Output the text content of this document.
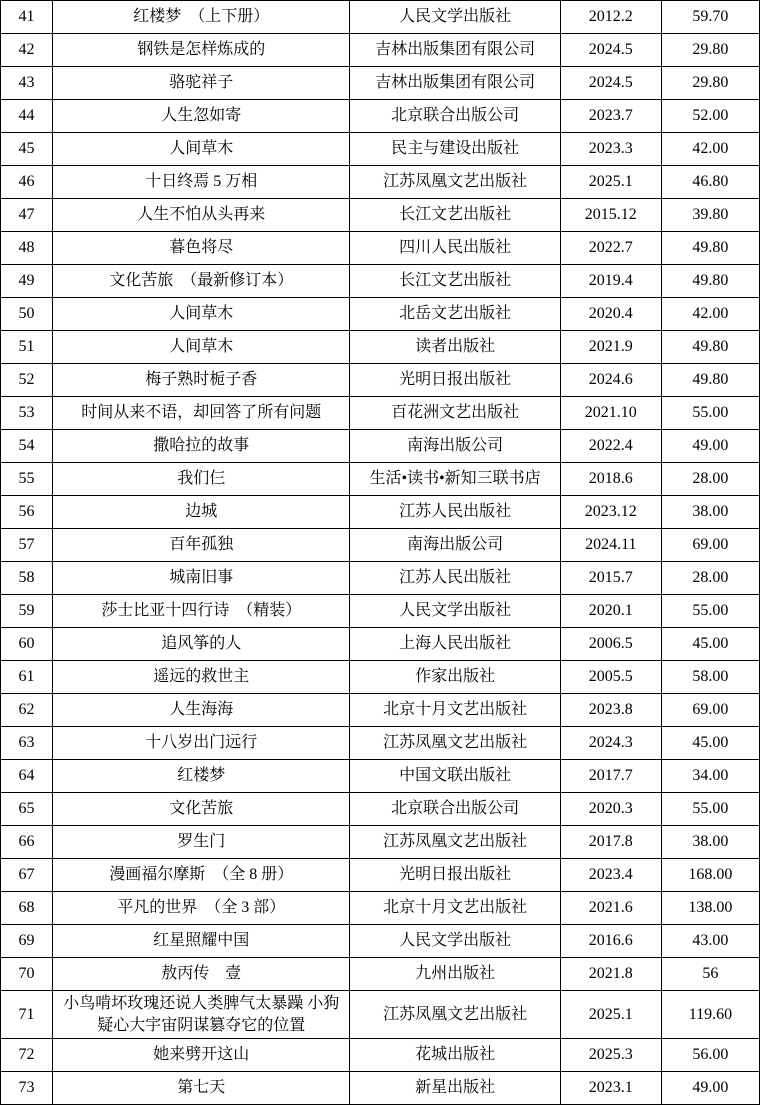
41	红楼梦　（上下册）	人民文学出版社	2012.2	59.70
42	钢铁是怎样炼成的	吉林出版集团有限公司	2024.5	29.80
43	骆驼祥子	吉林出版集团有限公司	2024.5	29.80
44	人生忽如寄	北京联合出版公司	2023.7	52.00
45	人间草木	民主与建设出版社	2023.3	42.00
46	十日终焉 5 万相	江苏凤凰文艺出版社	2025.1	46.80
47	人生不怕从头再来	长江文艺出版社	2015.12	39.80
48	暮色将尽	四川人民出版社	2022.7	49.80
49	文化苦旅　（最新修订本）	长江文艺出版社	2019.4	49.80
50	人间草木	北岳文艺出版社	2020.4	42.00
51	人间草木	读者出版社	2021.9	49.80
52	梅子熟时栀子香	光明日报出版社	2024.6	49.80
53	时间从来不语，却回答了所有问题	百花洲文艺出版社	2021.10	55.00
54	撒哈拉的故事	南海出版公司	2022.4	49.00
55	我们仨	生活•读书•新知三联书店	2018.6	28.00
56	边城	江苏人民出版社	2023.12	38.00
57	百年孤独	南海出版公司	2024.11	69.00
58	城南旧事	江苏人民出版社	2015.7	28.00
59	莎士比亚十四行诗　（精装）	人民文学出版社	2020.1	55.00
60	追风筝的人	上海人民出版社	2006.5	45.00
61	遥远的救世主	作家出版社	2005.5	58.00
62	人生海海	北京十月文艺出版社	2023.8	69.00
63	十八岁出门远行	江苏凤凰文艺出版社	2024.3	45.00
64	红楼梦	中国文联出版社	2017.7	34.00
65	文化苦旅	北京联合出版公司	2020.3	55.00
66	罗生门	江苏凤凰文艺出版社	2017.8	38.00
67	漫画福尔摩斯　（全 8 册）	光明日报出版社	2023.4	168.00
68	平凡的世界　（全 3 部）	北京十月文艺出版社	2021.6	138.00
69	红星照耀中国	人民文学出版社	2016.6	43.00
70	敖丙传　壹	九州出版社	2021.8	56
71	小鸟啃坏玫瑰还说人类脾气太暴躁 小狗疑心大宇宙阴谋篡夺它的位置	江苏凤凰文艺出版社	2025.1	119.60
72	她来劈开这山	花城出版社	2025.3	56.00
73	第七天	新星出版社	2023.1	49.00
